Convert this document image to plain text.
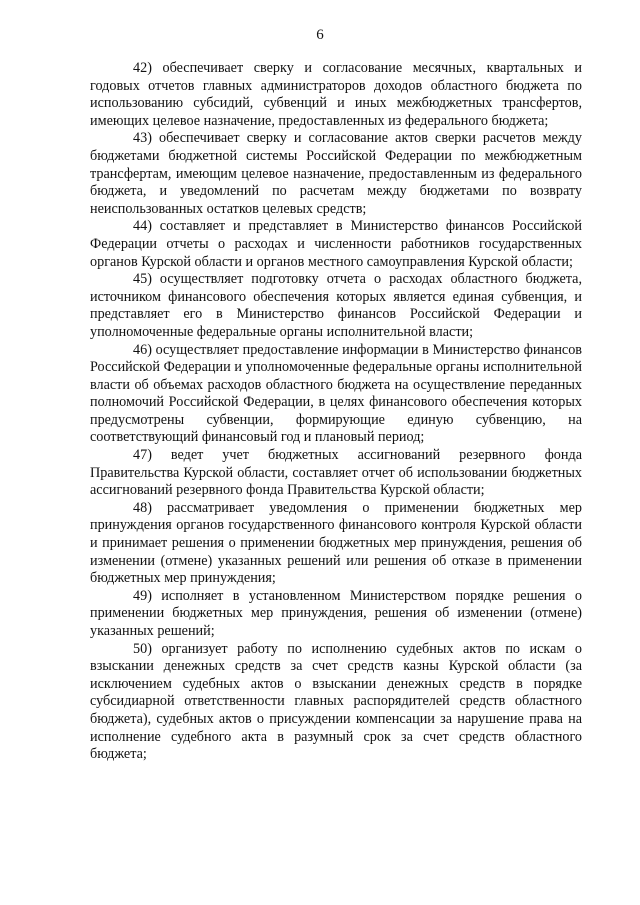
6

42) обеспечивает сверку и согласование месячных, квартальных и годовых отчетов главных администраторов доходов областного бюджета по использованию субсидий, субвенций и иных межбюджетных трансфертов, имеющих целевое назначение, предоставленных из федерального бюджета;

43) обеспечивает сверку и согласование актов сверки расчетов между бюджетами бюджетной системы Российской Федерации по межбюджетным трансфертам, имеющим целевое назначение, предоставленным из федерального бюджета, и уведомлений по расчетам между бюджетами по возврату неиспользованных остатков целевых средств;

44) составляет и представляет в Министерство финансов Российской Федерации отчеты о расходах и численности работников государственных органов Курской области и органов местного самоуправления Курской области;

45) осуществляет подготовку отчета о расходах областного бюджета, источником финансового обеспечения которых является единая субвенция, и представляет его в Министерство финансов Российской Федерации и уполномоченные федеральные органы исполнительной власти;

46) осуществляет предоставление информации в Министерство финансов Российской Федерации и уполномоченные федеральные органы исполнительной власти об объемах расходов областного бюджета на осуществление переданных полномочий Российской Федерации, в целях финансового обеспечения которых предусмотрены субвенции, формирующие единую субвенцию, на соответствующий финансовый год и плановый период;

47) ведет учет бюджетных ассигнований резервного фонда Правительства Курской области, составляет отчет об использовании бюджетных ассигнований резервного фонда Правительства Курской области;

48) рассматривает уведомления о применении бюджетных мер принуждения органов государственного финансового контроля Курской области и принимает решения о применении бюджетных мер принуждения, решения об изменении (отмене) указанных решений или решения об отказе в применении бюджетных мер принуждения;

49) исполняет в установленном Министерством порядке решения о применении бюджетных мер принуждения, решения об изменении (отмене) указанных решений;

50) организует работу по исполнению судебных актов по искам о взыскании денежных средств за счет средств казны Курской области (за исключением судебных актов о взыскании денежных средств в порядке субсидиарной ответственности главных распорядителей средств областного бюджета), судебных актов о присуждении компенсации за нарушение права на исполнение судебного акта в разумный срок за счет средств областного бюджета;
